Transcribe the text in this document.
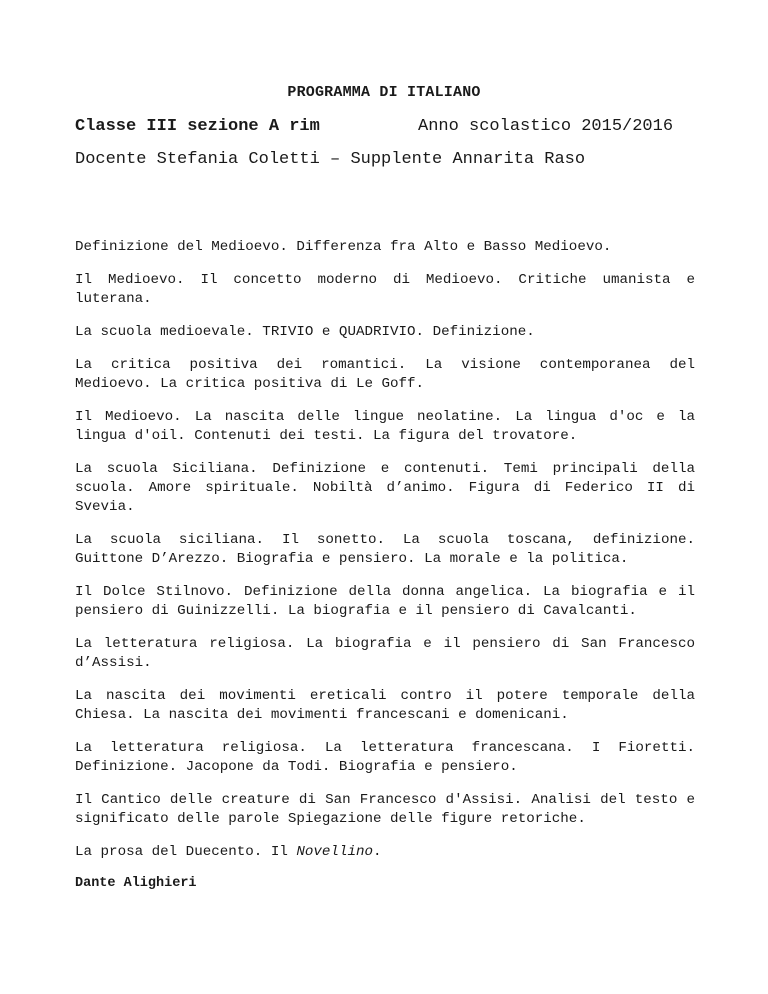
PROGRAMMA DI ITALIANO
Classe III sezione A rim	Anno scolastico 2015/2016
Docente Stefania Coletti – Supplente Annarita Raso

Definizione del Medioevo. Differenza fra Alto e Basso Medioevo.

Il Medioevo. Il concetto moderno di Medioevo. Critiche umanista e luterana.

La scuola medioevale. TRIVIO e QUADRIVIO. Definizione.

La critica positiva dei romantici. La visione contemporanea del Medioevo. La critica positiva di Le Goff.

Il Medioevo. La nascita delle lingue neolatine. La lingua d'oc e la lingua d'oil. Contenuti dei testi. La figura del trovatore.

La scuola Siciliana. Definizione e contenuti. Temi principali della scuola. Amore spirituale. Nobiltà d’animo. Figura di Federico II di Svevia.

La scuola siciliana. Il sonetto. La scuola toscana, definizione. Guittone D’Arezzo. Biografia e pensiero. La morale e la politica.

Il Dolce Stilnovo. Definizione della donna angelica. La biografia e il pensiero di Guinizzelli. La biografia e il pensiero di Cavalcanti.

La letteratura religiosa. La biografia e il pensiero di San Francesco d’Assisi.

La nascita dei movimenti ereticali contro il potere temporale della Chiesa. La nascita dei movimenti francescani e domenicani.

La letteratura religiosa. La letteratura francescana. I Fioretti. Definizione. Jacopone da Todi. Biografia e pensiero.

Il Cantico delle creature di San Francesco d'Assisi. Analisi del testo e significato delle parole Spiegazione delle figure retoriche.

La prosa del Duecento. Il Novellino.

Dante Alighieri
